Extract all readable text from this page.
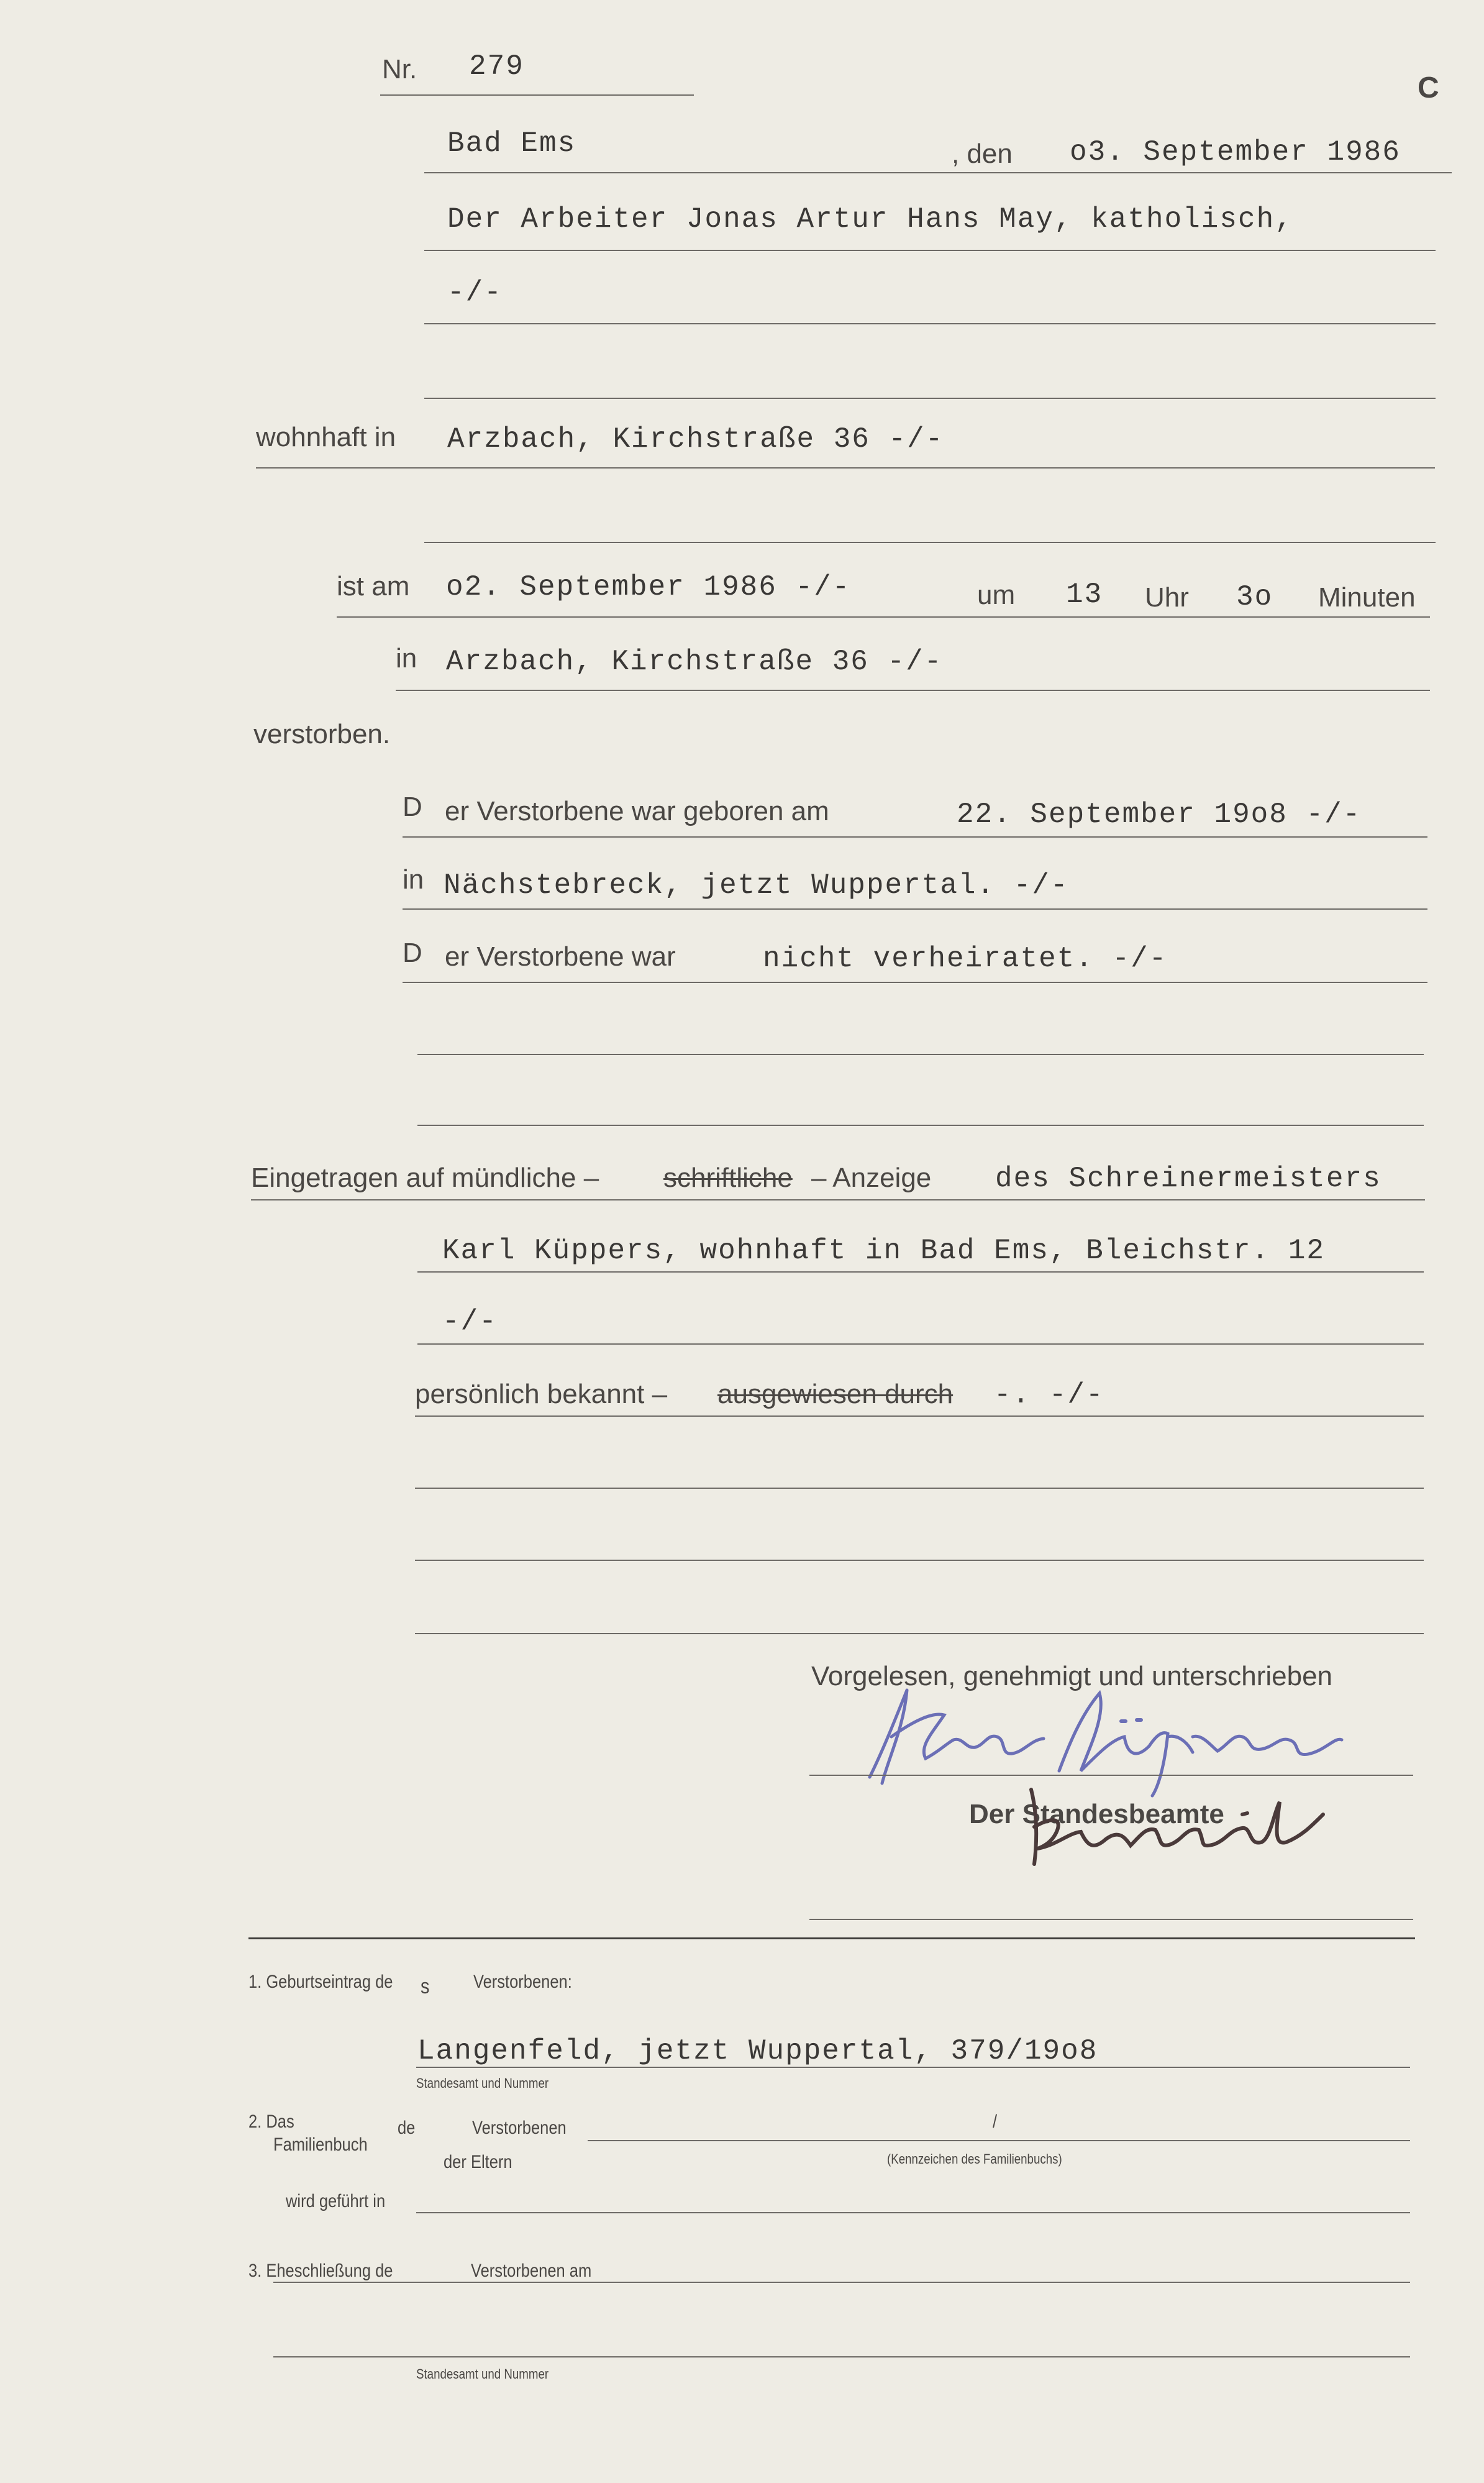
Nr. 279
C
Bad Ems	, den o3. September 1986
Der Arbeiter Jonas Artur Hans May, katholisch,
-/-
wohnhaft in Arzbach, Kirchstraße 36 -/-
ist am o2. September 1986 -/-	um 13 Uhr 3o Minuten
in Arzbach, Kirchstraße 36 -/-
verstorben.
D er Verstorbene war geboren am	22. September 19o8 -/-
in Nächstebreck, jetzt Wuppertal. -/-
D er Verstorbene war	nicht verheiratet. -/-
Eingetragen auf mündliche – schriftliche – Anzeige des Schreinermeisters
Karl Küppers, wohnhaft in Bad Ems, Bleichstr. 12
-/-
persönlich bekannt – ausgewiesen durch -. -/-
Vorgelesen, genehmigt und unterschrieben
Der Standesbeamte
1. Geburtseintrag de s Verstorbenen:
Langenfeld, jetzt Wuppertal, 379/19o8
Standesamt und Nummer
2. Das
Familienbuch
de	Verstorbenen
der Eltern
/
(Kennzeichen des Familienbuchs)
wird geführt in
3. Eheschließung de	Verstorbenen am
Standesamt und Nummer
